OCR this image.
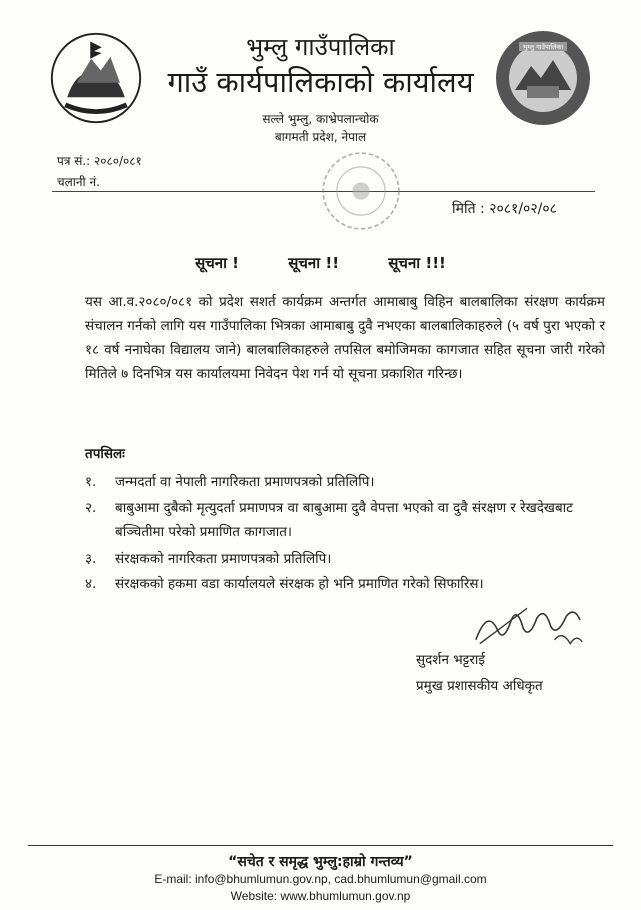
भुम्लु गाउँपालिका
भुम्लु गाउँपालिका
गाउँ कार्यपालिकाको कार्यालय
सल्ले भुम्लु, काभ्रेपलान्चोक
बागमती प्रदेश, नेपाल
पत्र सं.: २०८०/०८१
चलानी नं.
मिति : २०८१/०२/०८
सूचना !	सूचना !!	सूचना !!!
यस आ.व.२०८०/०८१ को प्रदेश सशर्त कार्यक्रम अन्तर्गत आमाबाबु विहिन बालबालिका संरक्षण कार्यक्रम संचालन गर्नको लागि यस गाउँपालिका भित्रका आमाबाबु दुवै नभएका बालबालिकाहरुले (५ वर्ष पुरा भएको र १८ वर्ष ननाघेका विद्यालय जाने) बालबालिकाहरुले तपसिल बमोजिमका कागजात सहित सूचना जारी गरेको मितिले ७ दिनभित्र यस कार्यालयमा निवेदन पेश गर्न यो सूचना प्रकाशित गरिन्छ।
तपसिलः
१.	जन्मदर्ता वा नेपाली नागरिकता प्रमाणपत्रको प्रतिलिपि।
२.	बाबुआमा दुबैको मृत्युदर्ता प्रमाणपत्र वा बाबुआमा दुवै वेपत्ता भएको वा दुवै संरक्षण र रेखदेखबाट बञ्चितीमा परेको प्रमाणित कागजात।
३.	संरक्षकको नागरिकता प्रमाणपत्रको प्रतिलिपि।
४.	संरक्षकको हकमा वडा कार्यालयले संरक्षक हो भनि प्रमाणित गरेको सिफारिस।
सुदर्शन भट्टराई
प्रमुख प्रशासकीय अधिकृत
“सचेत र समृद्ध भुम्लु:हाम्रो गन्तव्य”
E-mail: info@bhumlumun.gov.np, cad.bhumlumun@gmail.com
Website: www.bhumlumun.gov.np
